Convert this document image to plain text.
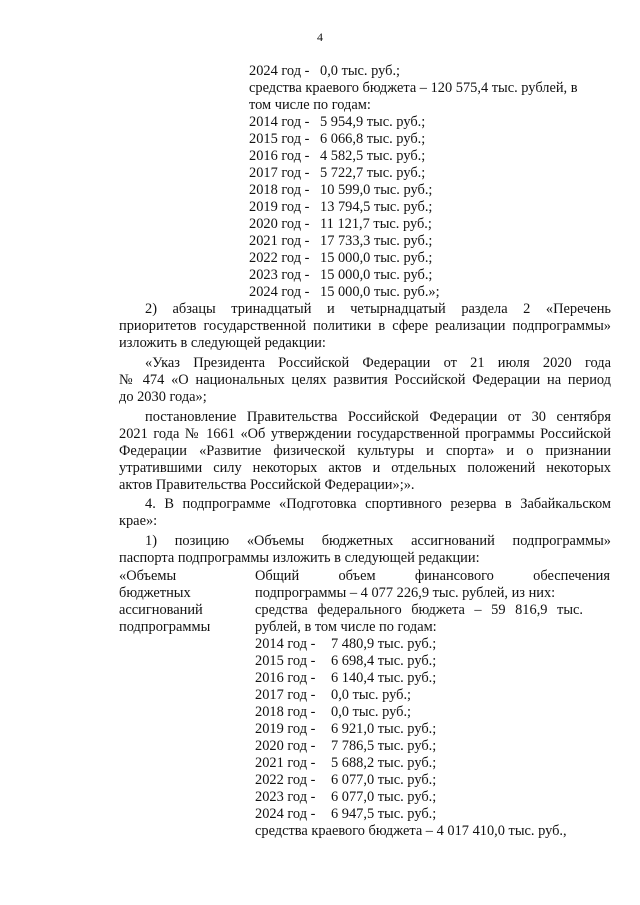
4
2024 год - 0,0 тыс. руб.;
средства краевого бюджета – 120 575,4 тыс. рублей, в
том числе по годам:
2014 год - 5 954,9 тыс. руб.;
2015 год - 6 066,8 тыс. руб.;
2016 год - 4 582,5 тыс. руб.;
2017 год - 5 722,7 тыс. руб.;
2018 год - 10 599,0 тыс. руб.;
2019 год - 13 794,5 тыс. руб.;
2020 год - 11 121,7 тыс. руб.;
2021 год - 17 733,3 тыс. руб.;
2022 год - 15 000,0 тыс. руб.;
2023 год - 15 000,0 тыс. руб.;
2024 год - 15 000,0 тыс. руб.»;
2) абзацы тринадцатый и четырнадцатый раздела 2 «Перечень
приоритетов государственной политики в сфере реализации подпрограммы»
изложить в следующей редакции:
«Указ Президента Российской Федерации от 21 июля 2020 года
№ 474 «О национальных целях развития Российской Федерации на период
до 2030 года»;
постановление Правительства Российской Федерации от 30 сентября
2021 года № 1661 «Об утверждении государственной программы Российской
Федерации «Развитие физической культуры и спорта» и о признании
утратившими силу некоторых актов и отдельных положений некоторых
актов Правительства Российской Федерации»;».
4. В подпрограмме «Подготовка спортивного резерва в Забайкальском
крае»:
1) позицию «Объемы бюджетных ассигнований подпрограммы»
паспорта подпрограммы изложить в следующей редакции:
«Объемы
бюджетных
ассигнований
подпрограммы
Общий объем финансового обеспечения
подпрограммы – 4 077 226,9 тыс. рублей, из них:
средства федерального бюджета – 59 816,9 тыс.
рублей, в том числе по годам:
2014 год - 7 480,9 тыс. руб.;
2015 год - 6 698,4 тыс. руб.;
2016 год - 6 140,4 тыс. руб.;
2017 год - 0,0 тыс. руб.;
2018 год - 0,0 тыс. руб.;
2019 год - 6 921,0 тыс. руб.;
2020 год - 7 786,5 тыс. руб.;
2021 год - 5 688,2 тыс. руб.;
2022 год - 6 077,0 тыс. руб.;
2023 год - 6 077,0 тыс. руб.;
2024 год - 6 947,5 тыс. руб.;
средства краевого бюджета – 4 017 410,0 тыс. руб.,
